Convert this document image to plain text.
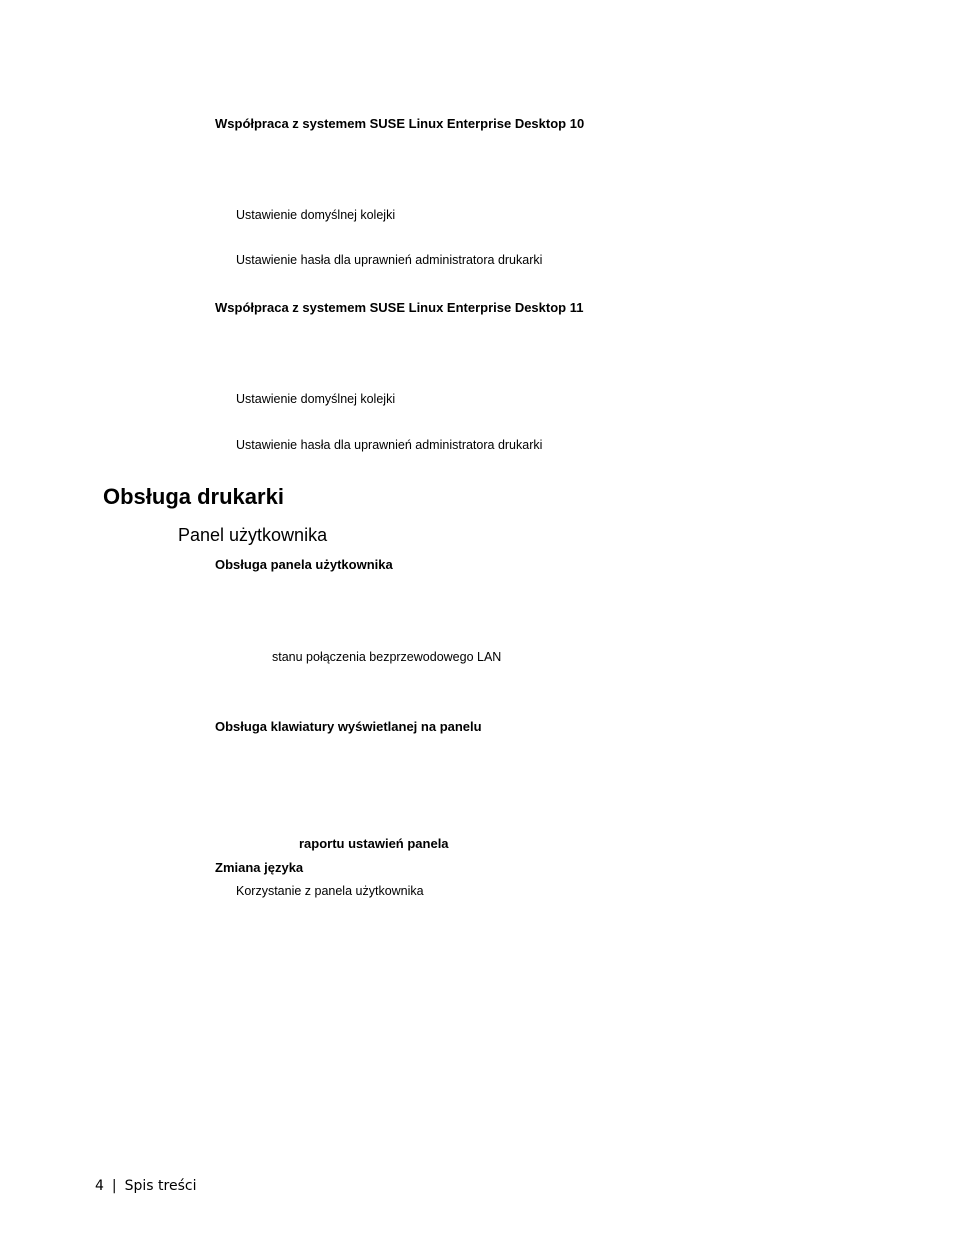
Współpraca z systemem SUSE Linux Enterprise Desktop 10
Ustawienie domyślnej kolejki
Ustawienie hasła dla uprawnień administratora drukarki
Współpraca z systemem SUSE Linux Enterprise Desktop 11
Ustawienie domyślnej kolejki
Ustawienie hasła dla uprawnień administratora drukarki
Obsługa drukarki
Panel użytkownika
Obsługa panela użytkownika
stanu połączenia bezprzewodowego LAN
Obsługa klawiatury wyświetlanej na panelu
raportu ustawień panela
Zmiana języka
Korzystanie z panela użytkownika
4 | Spis treści
